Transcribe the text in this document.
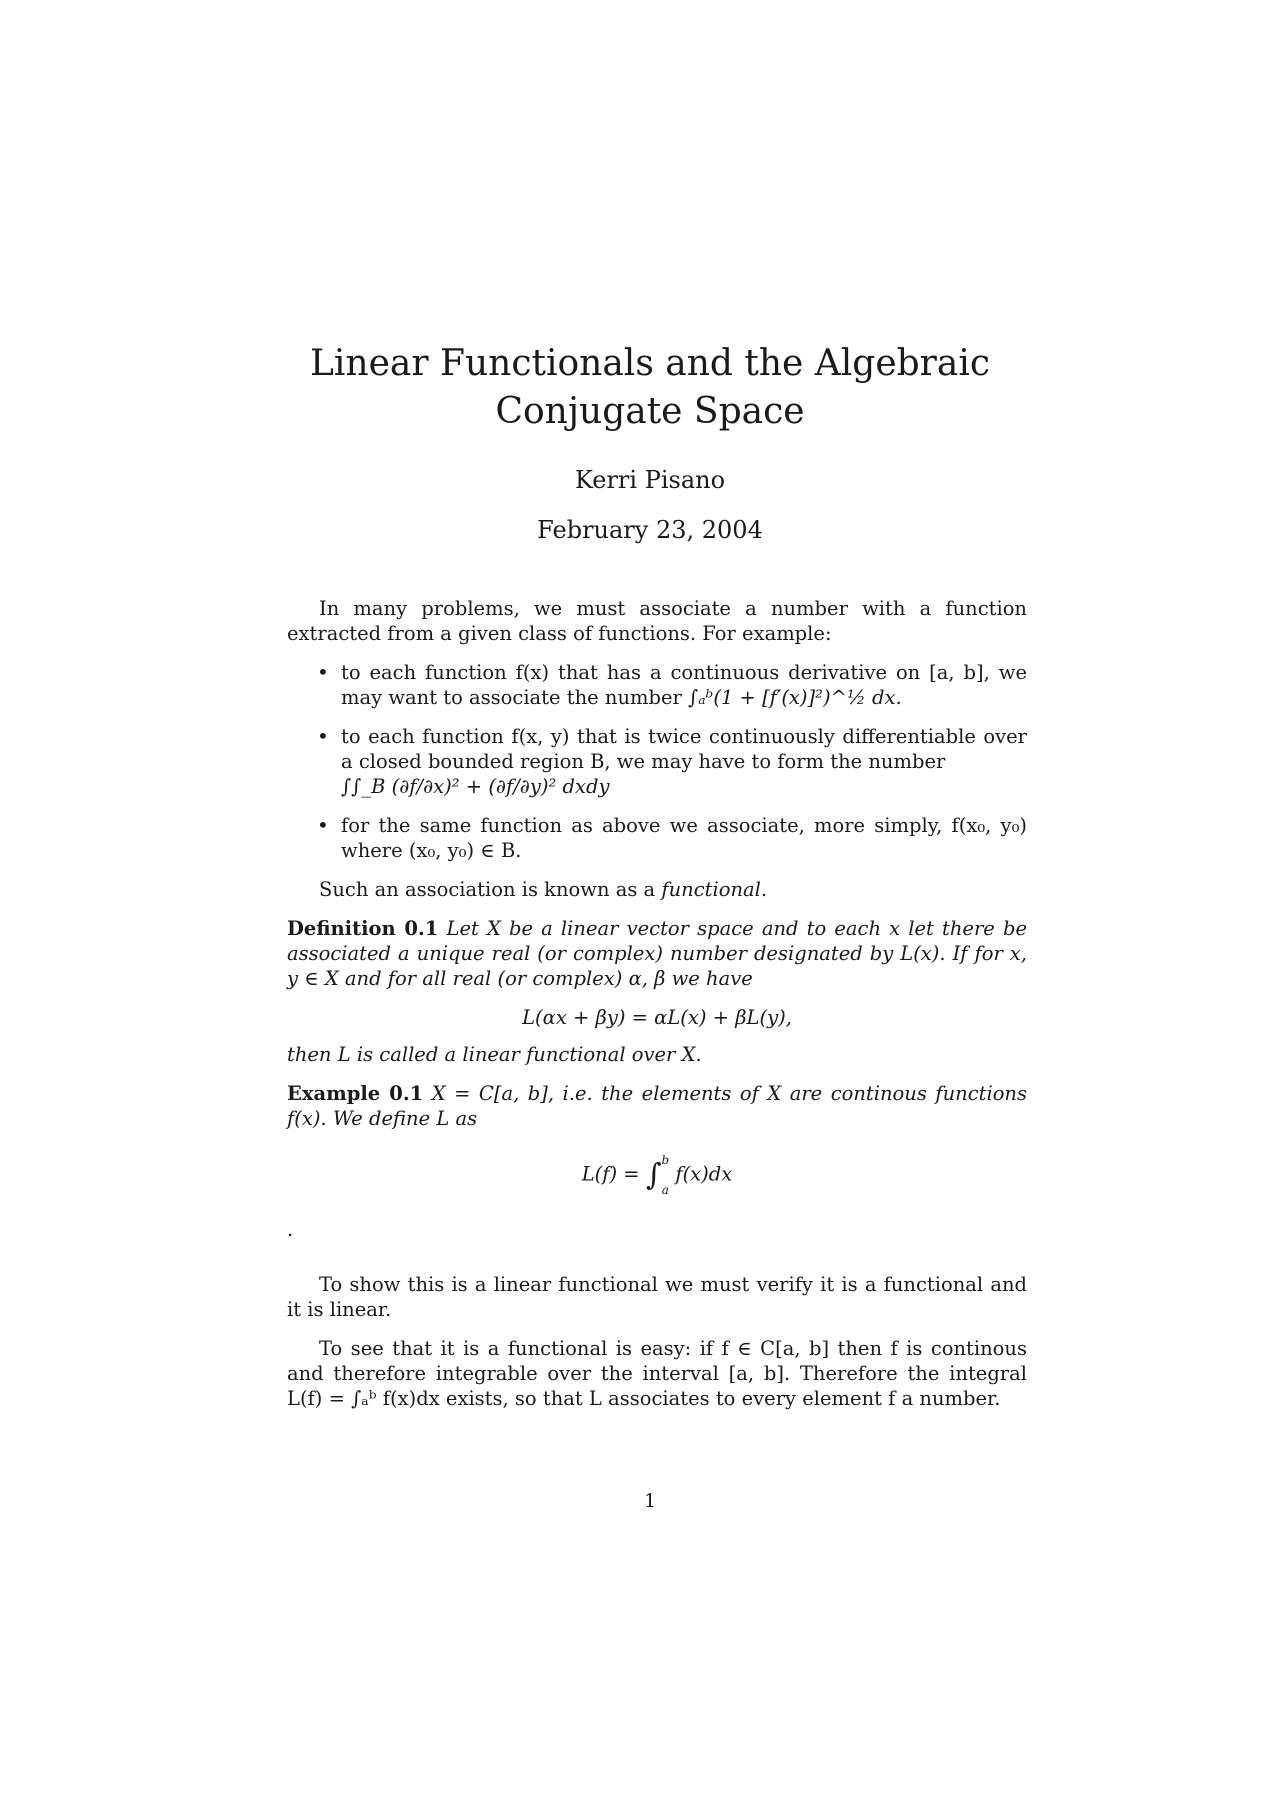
Linear Functionals and the Algebraic Conjugate Space
Kerri Pisano
February 23, 2004

In many problems, we must associate a number with a function extracted from a given class of functions. For example:

• to each function f(x) that has a continuous derivative on [a, b], we may want to associate the number ∫ₐᵇ(1 + [f′(x)]²)^½ dx.
• to each function f(x, y) that is twice continuously differentiable over a closed bounded region B, we may have to form the number
∫∫_B (∂f/∂x)² + (∂f/∂y)² dxdy
• for the same function as above we associate, more simply, f(x₀, y₀) where (x₀, y₀) ∈ B.

Such an association is known as a functional.

Definition 0.1 Let X be a linear vector space and to each x let there be associated a unique real (or complex) number designated by L(x). If for x, y ∈ X and for all real (or complex) α, β we have

L(αx + βy) = αL(x) + βL(y),

then L is called a linear functional over X.

Example 0.1 X = C[a, b], i.e. the elements of X are continous functions f(x). We define L as

L(f) = ∫ b
a
f(x)dx
.

To show this is a linear functional we must verify it is a functional and it is linear.

To see that it is a functional is easy: if f ∈ C[a, b] then f is continous and therefore integrable over the interval [a, b]. Therefore the integral L(f) = ∫ₐᵇ f(x)dx exists, so that L associates to every element f a number.

1
